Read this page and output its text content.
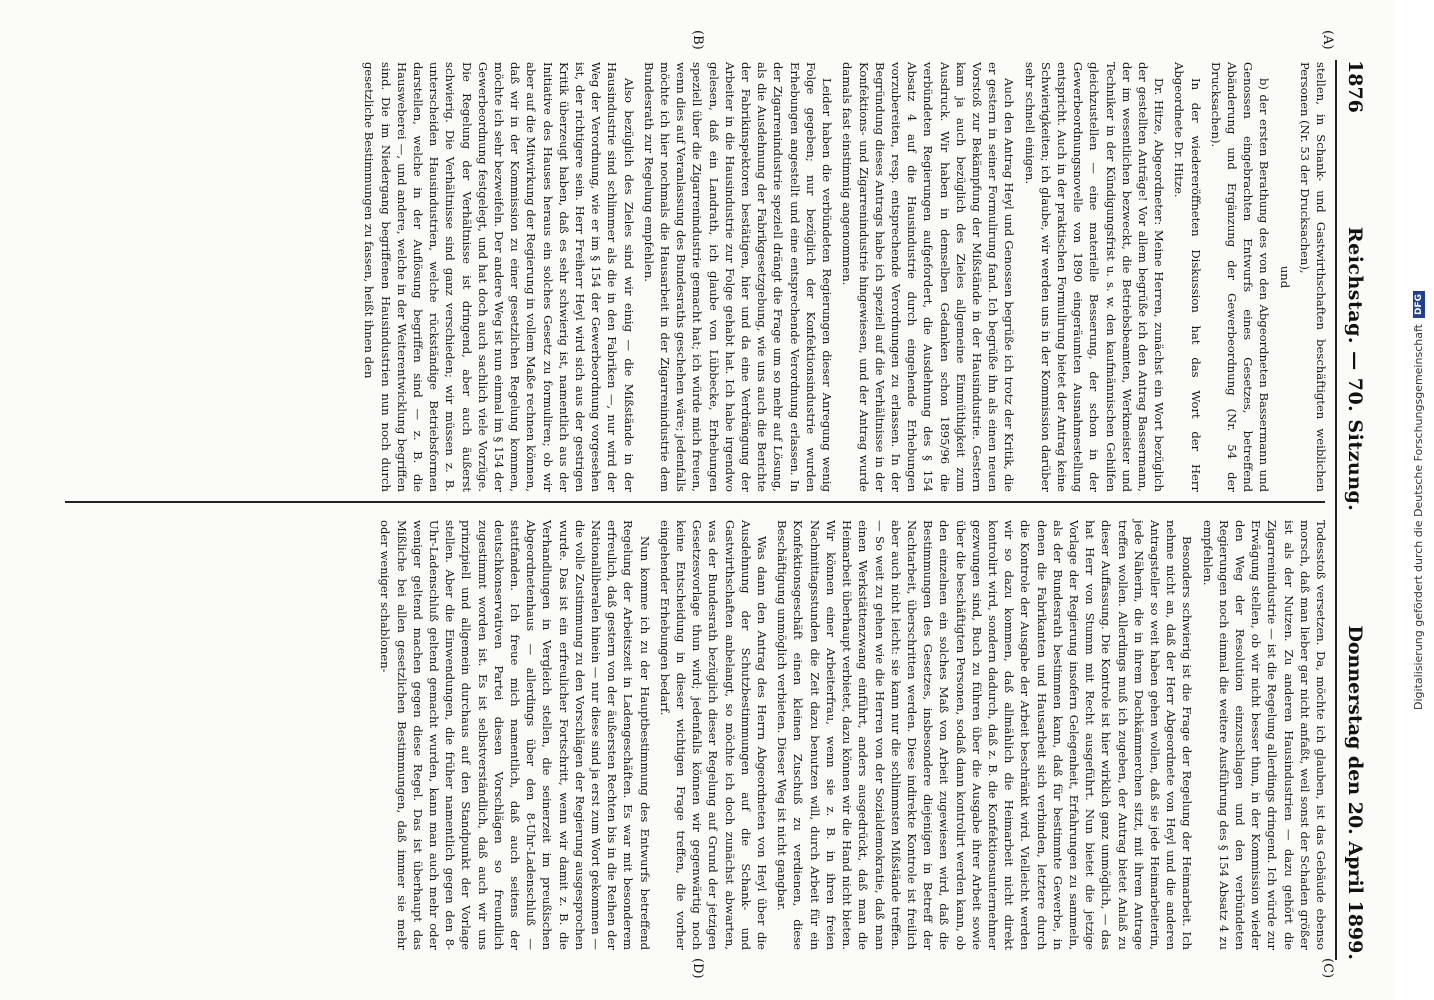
1876
Reichstag. — 70. Sitzung.
Donnerstag den 20. April 1899.
(A)
(B)
(C)
(D)

stellen, in Schank- und Gastwirthschaften beschäftigten weiblichen Personen (Nr. 53 der Drucksachen),

und

b) der ersten Berathung des von den Abgeordneten Bassermann und Genossen eingebrachten Entwurfs eines Gesetzes, betreffend Abänderung und Ergänzung der Gewerbeordnung (Nr. 54 der Drucksachen).

In der wiedereröffneten Diskussion hat das Wort der Herr Abgeordnete Dr. Hitze.

Dr. Hitze, Abgeordneter: Meine Herren, zunächst ein Wort bezüglich der gestellten Anträge! Vor allem begrüße ich den Antrag Bassermann, der im wesentlichen bezweckt, die Betriebsbeamten, Werkmeister und Techniker in der Kündigungsfrist u. s. w. den kaufmännischen Gehilfen gleichzustellen — eine materielle Besserung, der schon in der Gewerbeordnungsnovelle von 1890 eingeräumten Ausnahmestellung entspricht. Auch in der praktischen Formulirung bietet der Antrag keine Schwierigkeiten; ich glaube, wir werden uns in der Kommission darüber sehr schnell einigen.

Auch den Antrag Heyl und Genossen begrüße ich trotz der Kritik, die er gestern in seiner Formulirung fand. Ich begrüße ihn als einen neuen Vorstoß zur Bekämpfung der Mißstände in der Hausindustrie. Gestern kam ja auch bezüglich des Zieles allgemeine Einmüthigkeit zum Ausdruck. Wir haben in demselben Gedanken schon 1895/96 die verbündeten Regierungen aufgefordert, die Ausdehnung des § 154 Absatz 4 auf die Hausindustrie durch eingehende Erhebungen vorzubereiten, resp. entsprechende Verordnungen zu erlassen. In der Begründung dieses Antrags habe ich speziell auf die Verhältnisse in der Konfektions- und Zigarrenindustrie hingewiesen, und der Antrag wurde damals fast einstimmig angenommen.

Leider haben die verbündeten Regierungen dieser Anregung wenig Folge gegeben; nur bezüglich der Konfektionsindustrie wurden Erhebungen angestellt und eine entsprechende Verordnung erlassen. In der Zigarrenindustrie speziell drängt die Frage um so mehr auf Lösung, als die Ausdehnung der Fabrikgesetzgebung, wie uns auch die Berichte der Fabrikinspektoren bestätigen, hier und da eine Verdrängung der Arbeiter in die Hausindustrie zur Folge gehabt hat. Ich habe irgendwo gelesen, daß ein Landrath, ich glaube von Lübbecke, Erhebungen speziell über die Zigarrenindustrie gemacht hat; ich würde mich freuen, wenn dies auf Veranlassung des Bundesraths geschehen wäre; jedenfalls möchte ich hier nochmals die Hausarbeit in der Zigarrenindustrie dem Bundesrath zur Regelung empfehlen.

Also bezüglich des Zieles sind wir einig — die Mißstände in der Hausindustrie sind schlimmer als die in den Fabriken —, nur wird der Weg der Verordnung, wie er im § 154 der Gewerbeordnung vorgesehen ist, der richtigere sein. Herr Freiherr Heyl wird sich aus der gestrigen Kritik überzeugt haben, daß es sehr schwierig ist, namentlich aus der Initiative des Hauses heraus ein solches Gesetz zu formuliren; ob wir aber auf die Mitwirkung der Regierung in vollem Maße rechnen können, daß wir in der Kommission zu einer gesetzlichen Regelung kommen, möchte ich sehr bezweifeln. Der andere Weg ist nun einmal im § 154 der Gewerbeordnung festgelegt, und hat doch auch sachlich viele Vorzüge. Die Regelung der Verhältnisse ist dringend, aber auch äußerst schwierig. Die Verhältnisse sind ganz verschieden; wir müssen z. B. unterscheiden Hausindustrien, welche rückständige Betriebsformen darstellen, welche in der Auflösung begriffen sind — z. B. die Hausweberei —, und andere, welche in der Weiterentwicklung begriffen sind. Die im Niedergang begriffenen Hausindustrien nun noch durch gesetzliche Bestimmungen zu fassen, heißt ihnen den

Todesstoß versetzen. Da, möchte ich glauben, ist das Gebäude ebenso morsch, daß man lieber gar nicht anfaßt, weil sonst der Schaden größer ist als der Nutzen. Zu anderen Hausindustrien — dazu gehört die Zigarrenindustrie — ist die Regelung allerdings dringend. Ich würde zur Erwägung stellen, ob wir nicht besser thun, in der Kommission wieder den Weg der Resolution einzuschlagen und den verbündeten Regierungen noch einmal die weitere Ausführung des § 154 Absatz 4 zu empfehlen.

Besonders schwierig ist die Frage der Regelung der Heimarbeit. Ich nehme nicht an, daß der Herr Abgeordnete von Heyl und die anderen Antragsteller so weit haben gehen wollen, daß sie jede Heimarbeiterin, jede Näherin, die in ihrem Dachkämmerchen sitzt, mit ihrem Antrage treffen wollen. Allerdings muß ich zugeben, der Antrag bietet Anlaß zu dieser Auffassung. Die Kontrole ist hier wirklich ganz unmöglich, — das hat Herr von Stumm mit Recht ausgeführt. Nun bietet die jetzige Vorlage der Regierung insofern Gelegenheit, Erfahrungen zu sammeln, als der Bundesrath bestimmen kann, daß für bestimmte Gewerbe, in denen die Fabrikanten und Hausarbeit sich verbinden, letztere durch die Kontrole der Ausgabe der Arbeit beschränkt wird. Vielleicht werden wir so dazu kommen, daß allmählich die Heimarbeit nicht direkt kontrolirt wird, sondern dadurch, daß z. B. die Konfektionsunternehmer gezwungen sind, Buch zu führen über die Ausgabe ihrer Arbeit sowie über die beschäftigten Personen, sodaß dann kontrolirt werden kann, ob den einzelnen ein solches Maß von Arbeit zugewiesen wird, daß die Bestimmungen des Gesetzes, insbesondere diejenigen in Betreff der Nachtarbeit, überschritten werden. Diese indirekte Kontrole ist freilich aber auch nicht leicht: sie kann nur die schlimmsten Mißstände treffen. — So weit zu gehen wie die Herren von der Sozialdemokratie, daß man einen Werkstättenzwang einführt, anders ausgedrückt, daß man die Heimarbeit überhaupt verbietet, dazu können wir die Hand nicht bieten. Wir können einer Arbeiterfrau, wenn sie z. B. in ihren freien Nachmittagsstunden die Zeit dazu benutzen will, durch Arbeit für ein Konfektionsgeschäft einen kleinen Zuschuß zu verdienen, diese Beschäftigung unmöglich verbieten. Dieser Weg ist nicht gangbar.

Was dann den Antrag des Herrn Abgeordneten von Heyl über die Ausdehnung der Schutzbestimmungen auf die Schank- und Gastwirthschaften anbelangt, so möchte ich doch zunächst abwarten, was der Bundesrath bezüglich dieser Regelung auf Grund der jetzigen Gesetzesvorlage thun wird; jedenfalls können wir gegenwärtig noch keine Entscheidung in dieser wichtigen Frage treffen, die vorher eingehender Erhebungen bedarf.

Nun komme ich zu der Hauptbestimmung des Entwurfs betreffend Regelung der Arbeitszeit in Ladengeschäften. Es war mit besonderem erfreulich, daß gestern von der äußersten Rechten bis in die Reihen der Nationalliberalen hinein — nur diese sind ja erst zum Wort gekommen — die volle Zustimmung zu den Vorschlägen der Regierung ausgesprochen wurde. Das ist ein erfreulicher Fortschritt, wenn wir damit z. B. die Verhandlungen in Vergleich stellen, die seinerzeit im preußischen Abgeordnetenhaus — allerdings über den 8-Uhr-Ladenschluß — stattfanden. Ich freue mich namentlich, daß auch seitens der deutschkonservativen Partei diesen Vorschlägen so freundlich zugestimmt worden ist. Es ist selbstverständlich, daß auch wir uns prinzipiell und allgemein durchaus auf den Standpunkt der Vorlage stellen. Aber die Einwendungen, die früher namentlich gegen den 8-Uhr-Ladenschluß geltend gemacht wurden, kann man auch mehr oder weniger geltend machen gegen diese Regel. Das ist überhaupt das Mißliche bei allen gesetzlichen Bestimmungen, daß immer sie mehr oder weniger schablonen-	Digitalisierung gefördert durch die Deutsche Forschungsgemeinschaft
DFG
